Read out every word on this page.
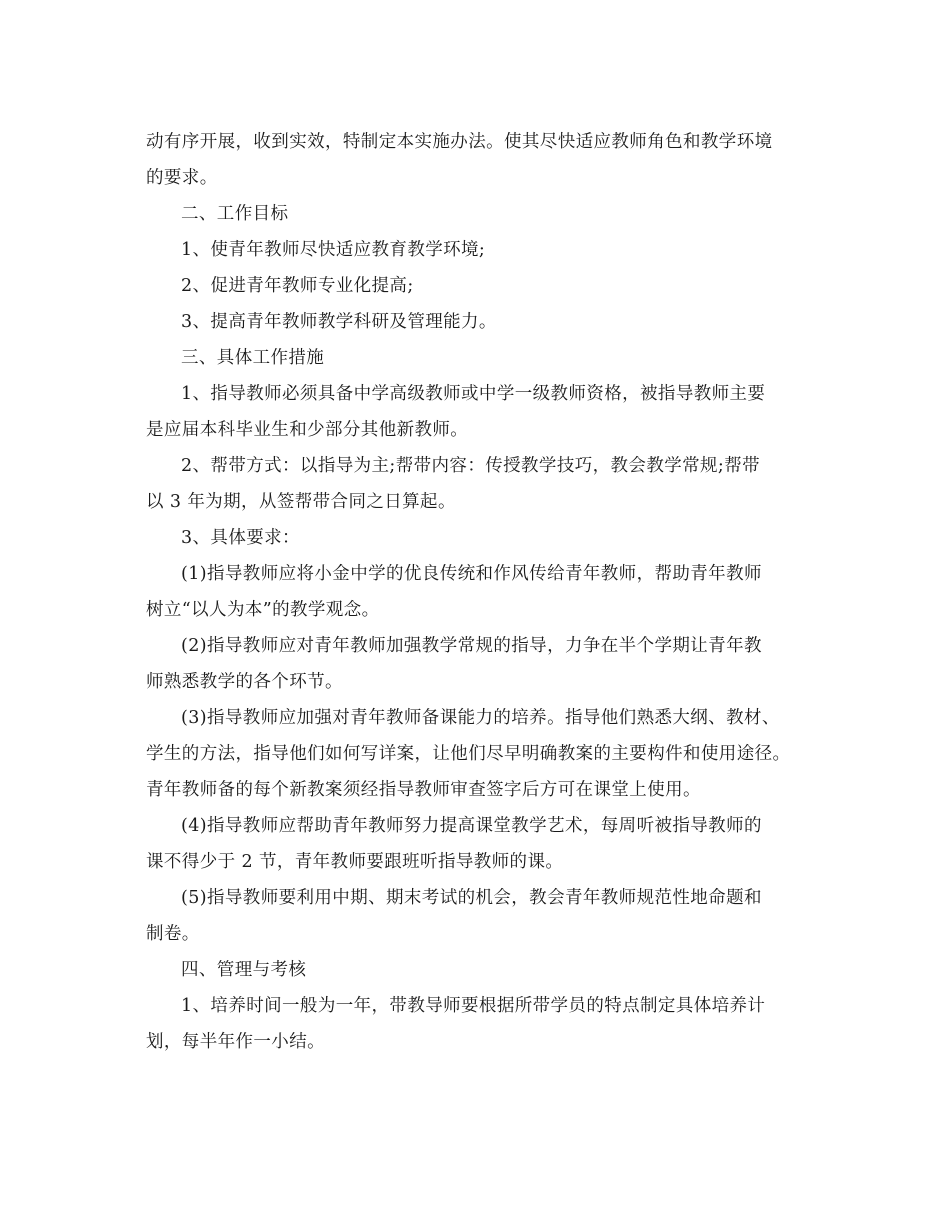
动有序开展，收到实效，特制定本实施办法。使其尽快适应教师角色和教学环境

的要求。

二、工作目标

1、使青年教师尽快适应教育教学环境;

2、促进青年教师专业化提高;

3、提高青年教师教学科研及管理能力。

三、具体工作措施

1、指导教师必须具备中学高级教师或中学一级教师资格，被指导教师主要

是应届本科毕业生和少部分其他新教师。

2、帮带方式：以指导为主;帮带内容：传授教学技巧，教会教学常规;帮带

以 3 年为期，从签帮带合同之日算起。

3、具体要求：

(1)指导教师应将小金中学的优良传统和作风传给青年教师，帮助青年教师

树立“以人为本”的教学观念。

(2)指导教师应对青年教师加强教学常规的指导，力争在半个学期让青年教

师熟悉教学的各个环节。

(3)指导教师应加强对青年教师备课能力的培养。指导他们熟悉大纲、教材、

学生的方法，指导他们如何写详案，让他们尽早明确教案的主要构件和使用途径。

青年教师备的每个新教案须经指导教师审查签字后方可在课堂上使用。

(4)指导教师应帮助青年教师努力提高课堂教学艺术，每周听被指导教师的

课不得少于 2 节，青年教师要跟班听指导教师的课。

(5)指导教师要利用中期、期末考试的机会，教会青年教师规范性地命题和

制卷。

四、管理与考核

1、培养时间一般为一年，带教导师要根据所带学员的特点制定具体培养计

划，每半年作一小结。
